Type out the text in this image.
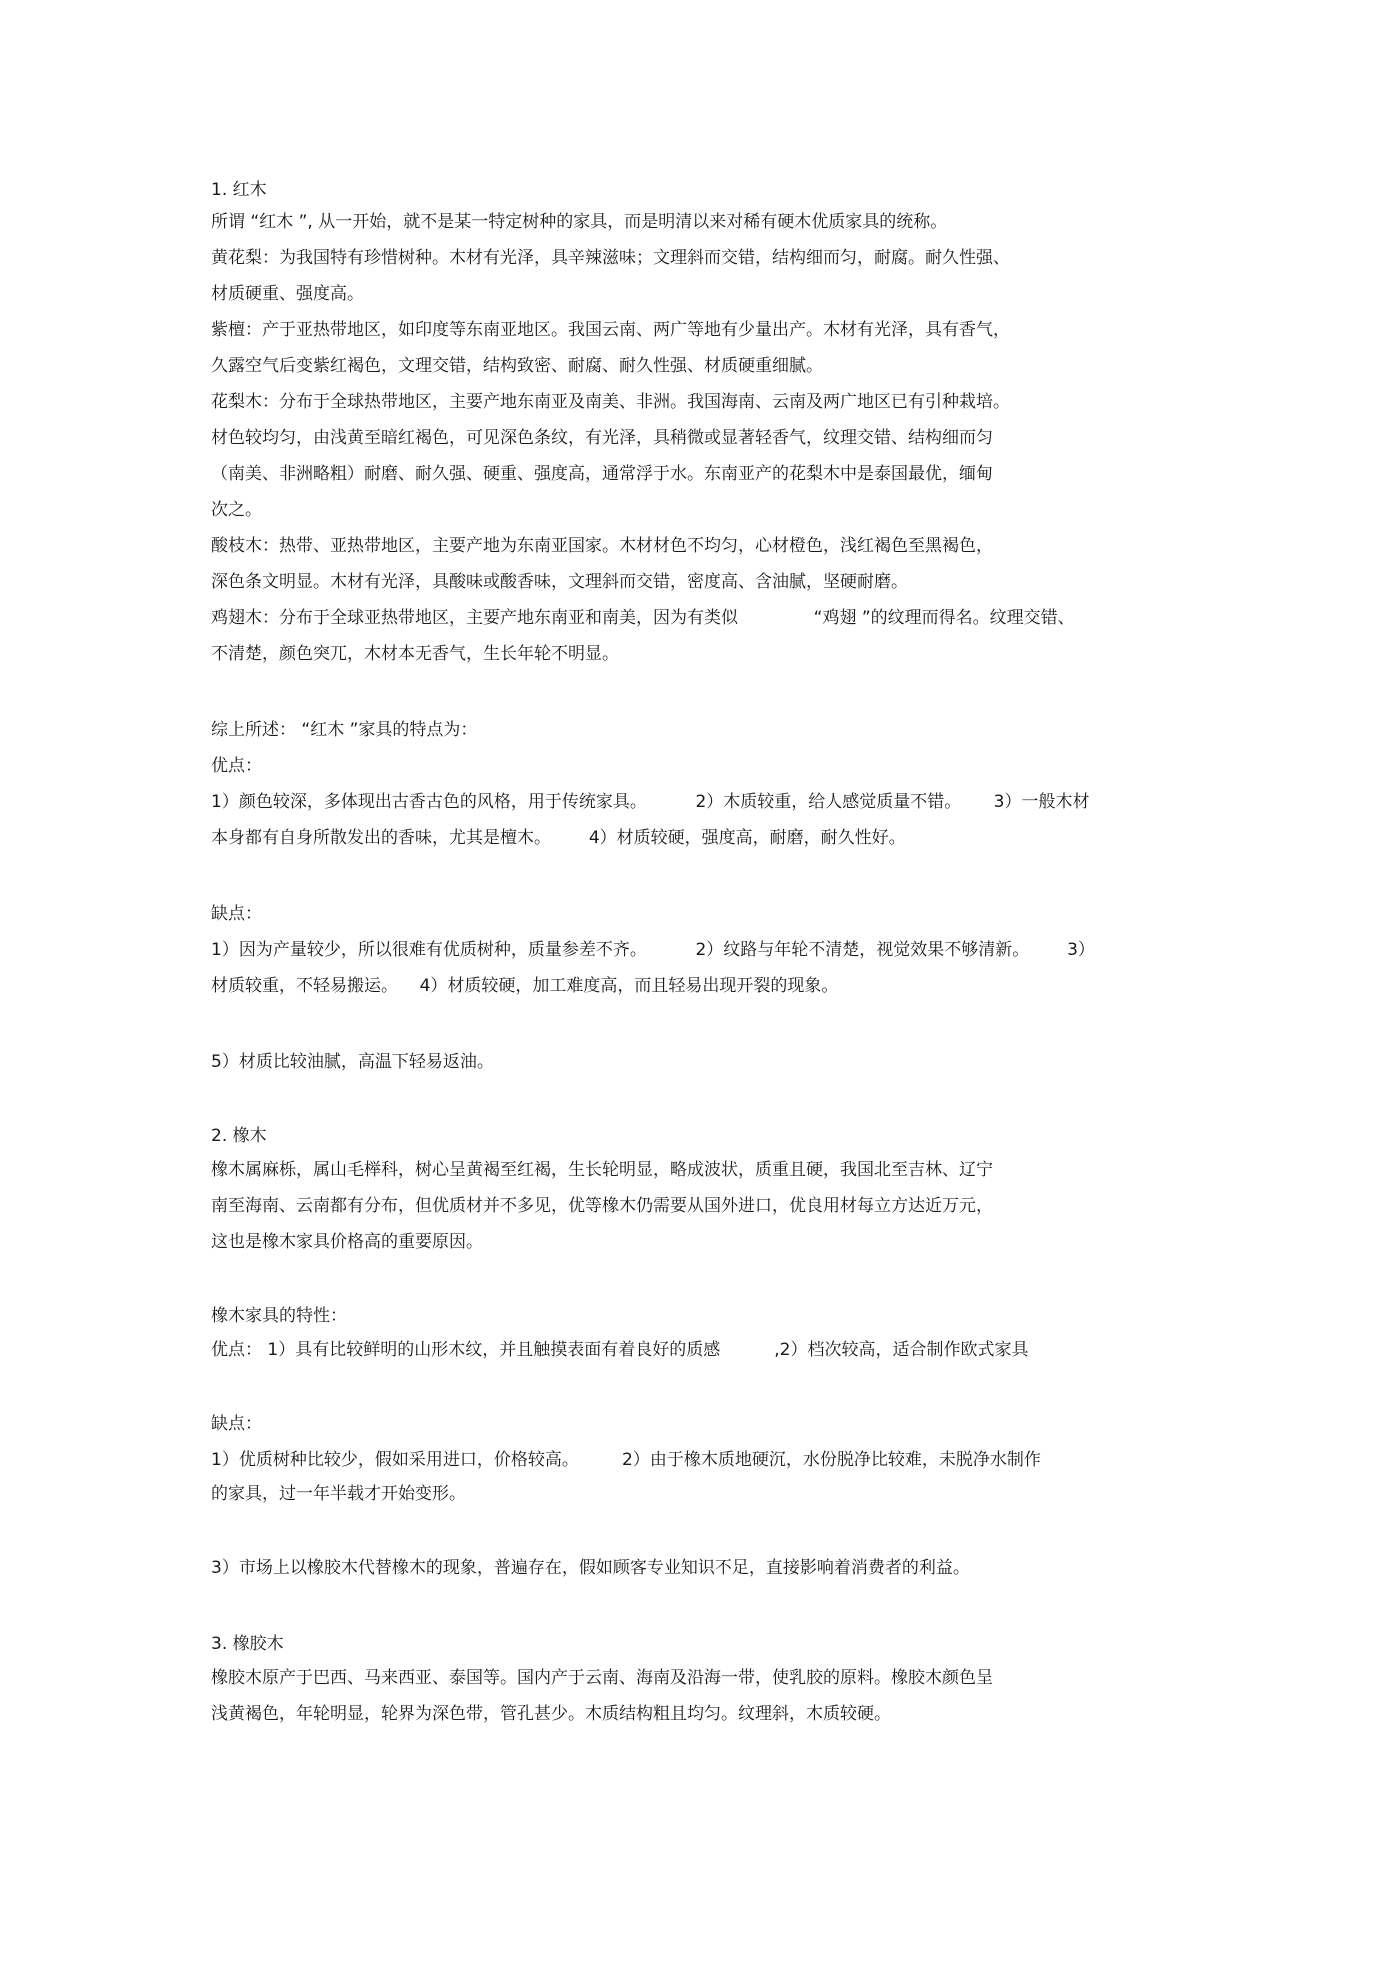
1. 红木
所谓 “红木 ”, 从一开始，就不是某一特定树种的家具，而是明清以来对稀有硬木优质家具的统称。
黄花梨：为我国特有珍惜树种。木材有光泽，具辛辣滋味；文理斜而交错，结构细而匀，耐腐。耐久性强、
材质硬重、强度高。
紫檀：产于亚热带地区，如印度等东南亚地区。我国云南、两广等地有少量出产。木材有光泽，具有香气，
久露空气后变紫红褐色，文理交错，结构致密、耐腐、耐久性强、材质硬重细腻。
花梨木：分布于全球热带地区，主要产地东南亚及南美、非洲。我国海南、云南及两广地区已有引种栽培。
材色较均匀，由浅黄至暗红褐色，可见深色条纹，有光泽，具稍微或显著轻香气，纹理交错、结构细而匀
（南美、非洲略粗）耐磨、耐久强、硬重、强度高，通常浮于水。东南亚产的花梨木中是泰国最优，缅甸
次之。
酸枝木：热带、亚热带地区，主要产地为东南亚国家。木材材色不均匀，心材橙色，浅红褐色至黑褐色，
深色条文明显。木材有光泽，具酸味或酸香味，文理斜而交错，密度高、含油腻，坚硬耐磨。
鸡翅木：分布于全球亚热带地区，主要产地东南亚和南美，因为有类似              “鸡翅 ”的纹理而得名。纹理交错、
不清楚，颜色突兀，木材本无香气，生长年轮不明显。
综上所述： “红木 ”家具的特点为：
优点：
1）颜色较深，多体现出古香古色的风格，用于传统家具。         2）木质较重，给人感觉质量不错。      3）一般木材
本身都有自身所散发出的香味，尤其是檀木。       4）材质较硬，强度高，耐磨，耐久性好。
缺点：
1）因为产量较少，所以很难有优质树种，质量参差不齐。         2）纹路与年轮不清楚，视觉效果不够清新。       3）
材质较重，不轻易搬运。    4）材质较硬，加工难度高，而且轻易出现开裂的现象。
5）材质比较油腻，高温下轻易返油。
2. 橡木
橡木属麻栎，属山毛榉科，树心呈黄褐至红褐，生长轮明显，略成波状，质重且硬，我国北至吉林、辽宁
南至海南、云南都有分布，但优质材并不多见，优等橡木仍需要从国外进口，优良用材每立方达近万元，
这也是橡木家具价格高的重要原因。
橡木家具的特性：
优点： 1）具有比较鲜明的山形木纹，并且触摸表面有着良好的质感          ,2）档次较高，适合制作欧式家具
缺点：
1）优质树种比较少，假如采用进口，价格较高。        2）由于橡木质地硬沉，水份脱净比较难，未脱净水制作
的家具，过一年半载才开始变形。
3）市场上以橡胶木代替橡木的现象，普遍存在，假如顾客专业知识不足，直接影响着消费者的利益。
3. 橡胶木
橡胶木原产于巴西、马来西亚、泰国等。国内产于云南、海南及沿海一带，使乳胶的原料。橡胶木颜色呈
浅黄褐色，年轮明显，轮界为深色带，管孔甚少。木质结构粗且均匀。纹理斜，木质较硬。
